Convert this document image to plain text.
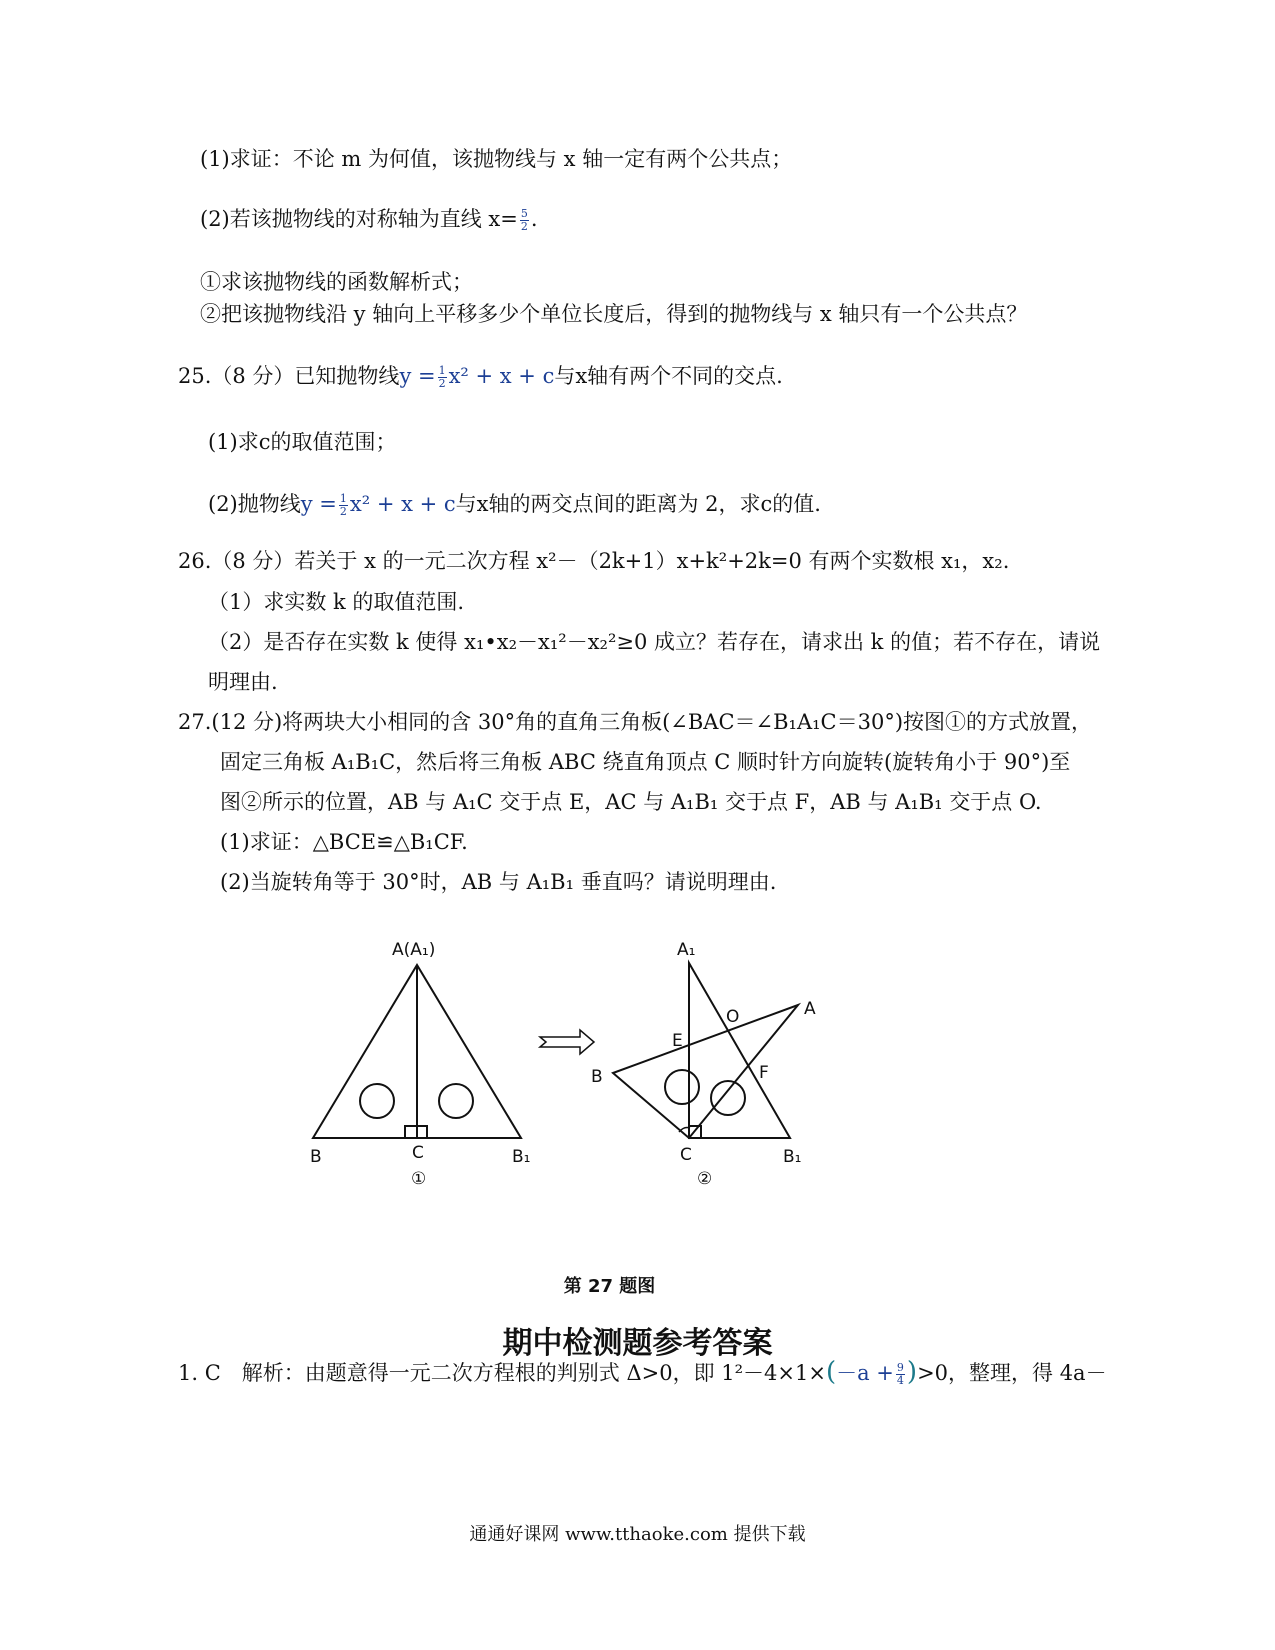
(1)求证：不论 m 为何值，该抛物线与 x 轴一定有两个公共点；
(2)若该抛物线的对称轴为直线 $x= \frac{5}{2}$ .
①求该抛物线的函数解析式；
②把该抛物线沿 y 轴向上平移多少个单位长度后，得到的抛物线与 x 轴只有一个公共点？
25.（8 分）已知抛物线$y = \frac{1}{2} x^2 + x + c$与x轴有两个不同的交点.
(1)求c的取值范围；
(2)抛物线$y = \frac{1}{2} x^2 + x + c$与x轴的两交点间的距离为 2，求c的值.
26.（8 分）若关于 x 的一元二次方程 x²－（2k+1）x+k²+2k=0 有两个实数根 x₁，x₂.
（1）求实数 k 的取值范围.
（2）是否存在实数 k 使得 x₁•x₂－x₁²－x₂²≥0 成立？若存在，请求出 k 的值；若不存在，请说
明理由.
27.(12 分)将两块大小相同的含 30°角的直角三角板(∠BAC＝∠B₁A₁C＝30°)按图①的方式放置，
固定三角板 A₁B₁C，然后将三角板 ABC 绕直角顶点 C 顺时针方向旋转(旋转角小于 90°)至
图②所示的位置，AB 与 A₁C 交于点 E，AC 与 A₁B₁ 交于点 F，AB 与 A₁B₁ 交于点 O.
(1)求证：△BCE≌△B₁CF.
(2)当旋转角等于 30°时，AB 与 A₁B₁ 垂直吗？请说明理由.
A(A₁)
B	C	B₁
①
A₁
O	A
E
B	F
C	B₁
②
第 27 题图
期中检测题参考答案
1. C　解析：由题意得一元二次方程根的判别式 Δ>0，即 $1^2-4\times 1\times(-a + \frac{9}{4} )>0$，整理，得 4a－
通通好课网 www.tthaoke.com 提供下载
